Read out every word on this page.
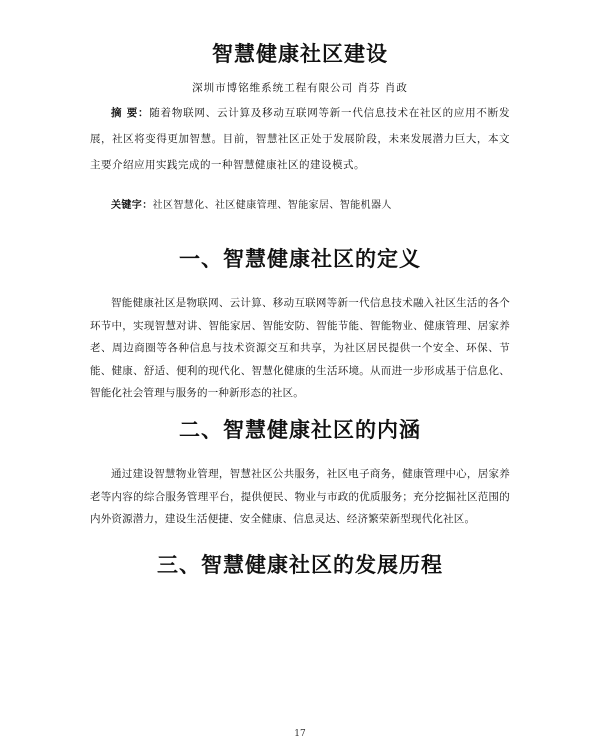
智慧健康社区建设
深圳市博铭维系统工程有限公司 肖芬 肖政

摘 要：随着物联网、云计算及移动互联网等新一代信息技术在社区的应用不断发展，社区将变得更加智慧。目前，智慧社区正处于发展阶段，未来发展潜力巨大，本文主要介绍应用实践完成的一种智慧健康社区的建设模式。

关键字：社区智慧化、社区健康管理、智能家居、智能机器人

一、智慧健康社区的定义

智能健康社区是物联网、云计算、移动互联网等新一代信息技术融入社区生活的各个环节中，实现智慧对讲、智能家居、智能安防、智能节能、智能物业、健康管理、居家养老、周边商圈等各种信息与技术资源交互和共享，为社区居民提供一个安全、环保、节能、健康、舒适、便利的现代化、智慧化健康的生活环境。从而进一步形成基于信息化、智能化社会管理与服务的一种新形态的社区。

二、智慧健康社区的内涵

通过建设智慧物业管理，智慧社区公共服务，社区电子商务，健康管理中心，居家养老等内容的综合服务管理平台，提供便民、物业与市政的优质服务；充分挖掘社区范围的内外资源潜力，建设生活便捷、安全健康、信息灵达、经济繁荣新型现代化社区。

三、智慧健康社区的发展历程
17
